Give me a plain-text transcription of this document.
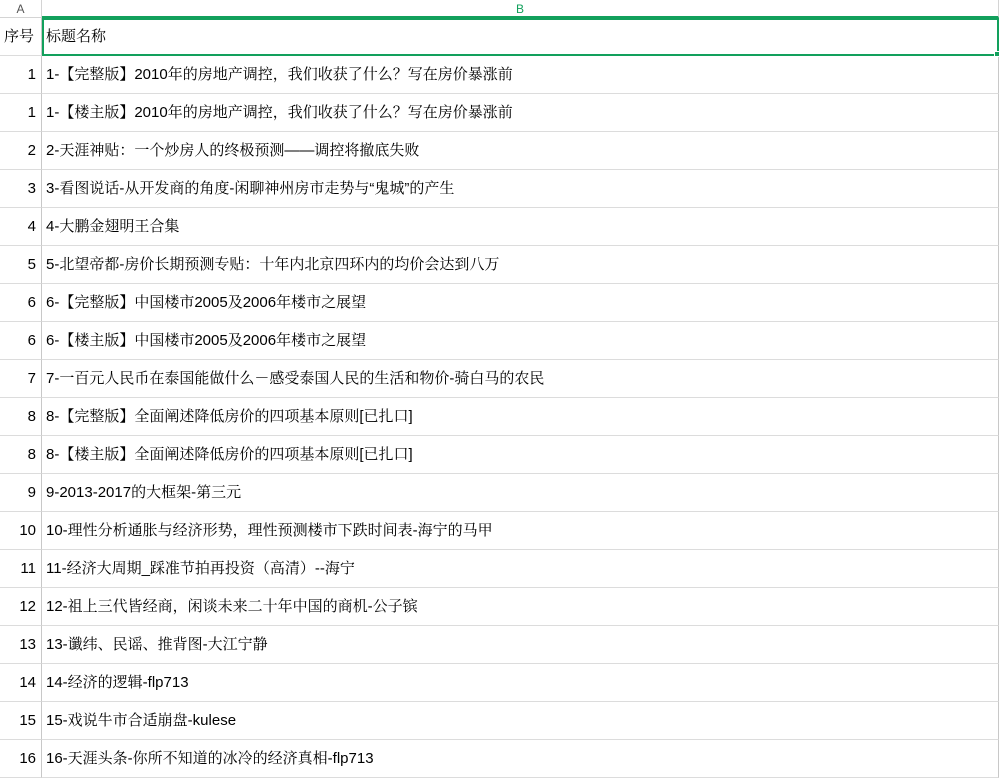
A	B
序号 标题名称
1 1-【完整版】2010年的房地产调控，我们收获了什么？写在房价暴涨前
1 1-【楼主版】2010年的房地产调控，我们收获了什么？写在房价暴涨前
2 2-天涯神贴：一个炒房人的终极预测——调控将撤底失败
3 3-看图说话-从开发商的角度-闲聊神州房市走势与“鬼城”的产生
4 4-大鹏金翅明王合集
5 5-北望帝都-房价长期预测专贴：十年内北京四环内的均价会达到八万
6 6-【完整版】中国楼市2005及2006年楼市之展望
6 6-【楼主版】中国楼市2005及2006年楼市之展望
7 7-一百元人民币在泰国能做什么－感受泰国人民的生活和物价-骑白马的农民
8 8-【完整版】全面阐述降低房价的四项基本原则[已扎口]
8 8-【楼主版】全面阐述降低房价的四项基本原则[已扎口]
9 9-2013-2017的大框架-第三元
10 10-理性分析通胀与经济形势，理性预测楼市下跌时间表-海宁的马甲
11 11-经济大周期_踩准节拍再投资（高清）--海宁
12 12-祖上三代皆经商，闲谈未来二十年中国的商机-公子镔
13 13-谶纬、民谣、推背图-大江宁静
14 14-经济的逻辑-flp713
15 15-戏说牛市合适崩盘-kulese
16 16-天涯头条-你所不知道的冰冷的经济真相-flp713
